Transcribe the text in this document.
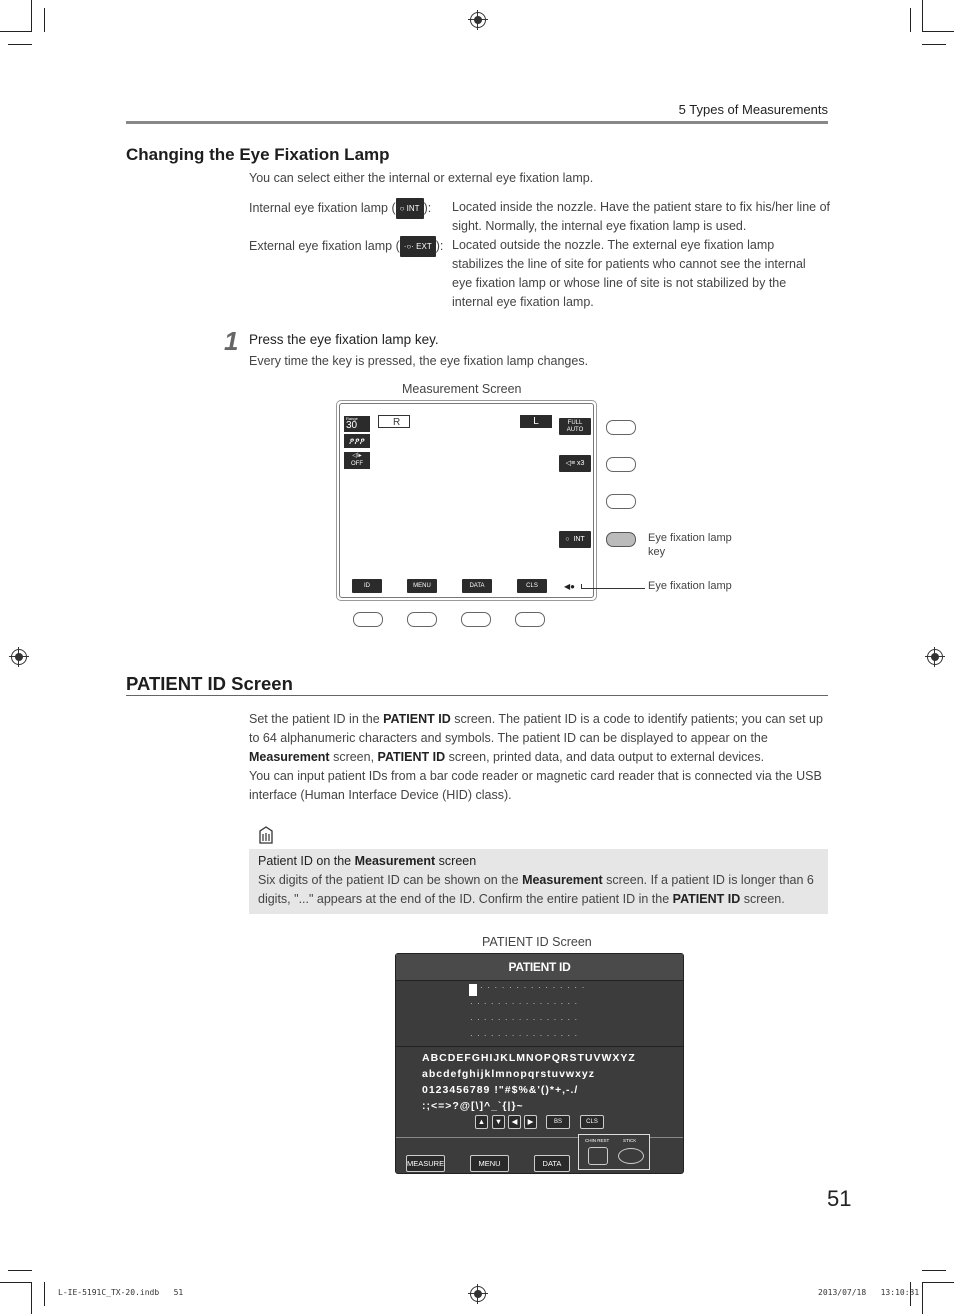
5 Types of Measurements
Changing the Eye Fixation Lamp
You can select either the internal or external eye fixation lamp.
Internal eye fixation lamp ( ○ INT ): Located inside the nozzle. Have the patient stare to fix his/her line of sight. Normally, the internal eye fixation lamp is used.
External eye fixation lamp ( ·○· EXT ): Located outside the nozzle. The external eye fixation lamp stabilizes the line of site for patients who cannot see the internal eye fixation lamp or whose line of site is not stabilized by the internal eye fixation lamp.
1 Press the eye fixation lamp key.
Every time the key is pressed, the eye fixation lamp changes.
Measurement Screen
Range
30
ፆፆፆ
◁I▸
OFF
R	L	FULL AUTO
◁≡ x3
○  INT
ID	MENU	DATA	CLS	◀●
Eye fixation lamp key
Eye fixation lamp
PATIENT ID Screen
Set the patient ID in the PATIENT ID screen. The patient ID is a code to identify patients; you can set up to 64 alphanumeric characters and symbols. The patient ID can be displayed to appear on the Measurement screen, PATIENT ID screen, printed data, and data output to external devices.
You can input patient IDs from a bar code reader or magnetic card reader that is connected via the USB interface (Human Interface Device (HID) class).
Patient ID on the Measurement screen
Six digits of the patient ID can be shown on the Measurement screen. If a patient ID is longer than 6 digits, "..." appears at the end of the ID. Confirm the entire patient ID in the PATIENT ID screen.
PATIENT ID Screen
PATIENT ID
···············
················
················
················
ABCDEFGHIJKLMNOPQRSTUVWXYZ
abcdefghijklmnopqrstuvwxyz
0123456789 !"#$%&'()*+,-./
:;<=>?@[\]^_`{|}~
▲	▼	◀	▶	BS	CLS
CHIN REST	STICK
MEASURE	MENU	DATA
51
L-IE-5191C_TX-20.indb   51	2013/07/18   13:10:31
